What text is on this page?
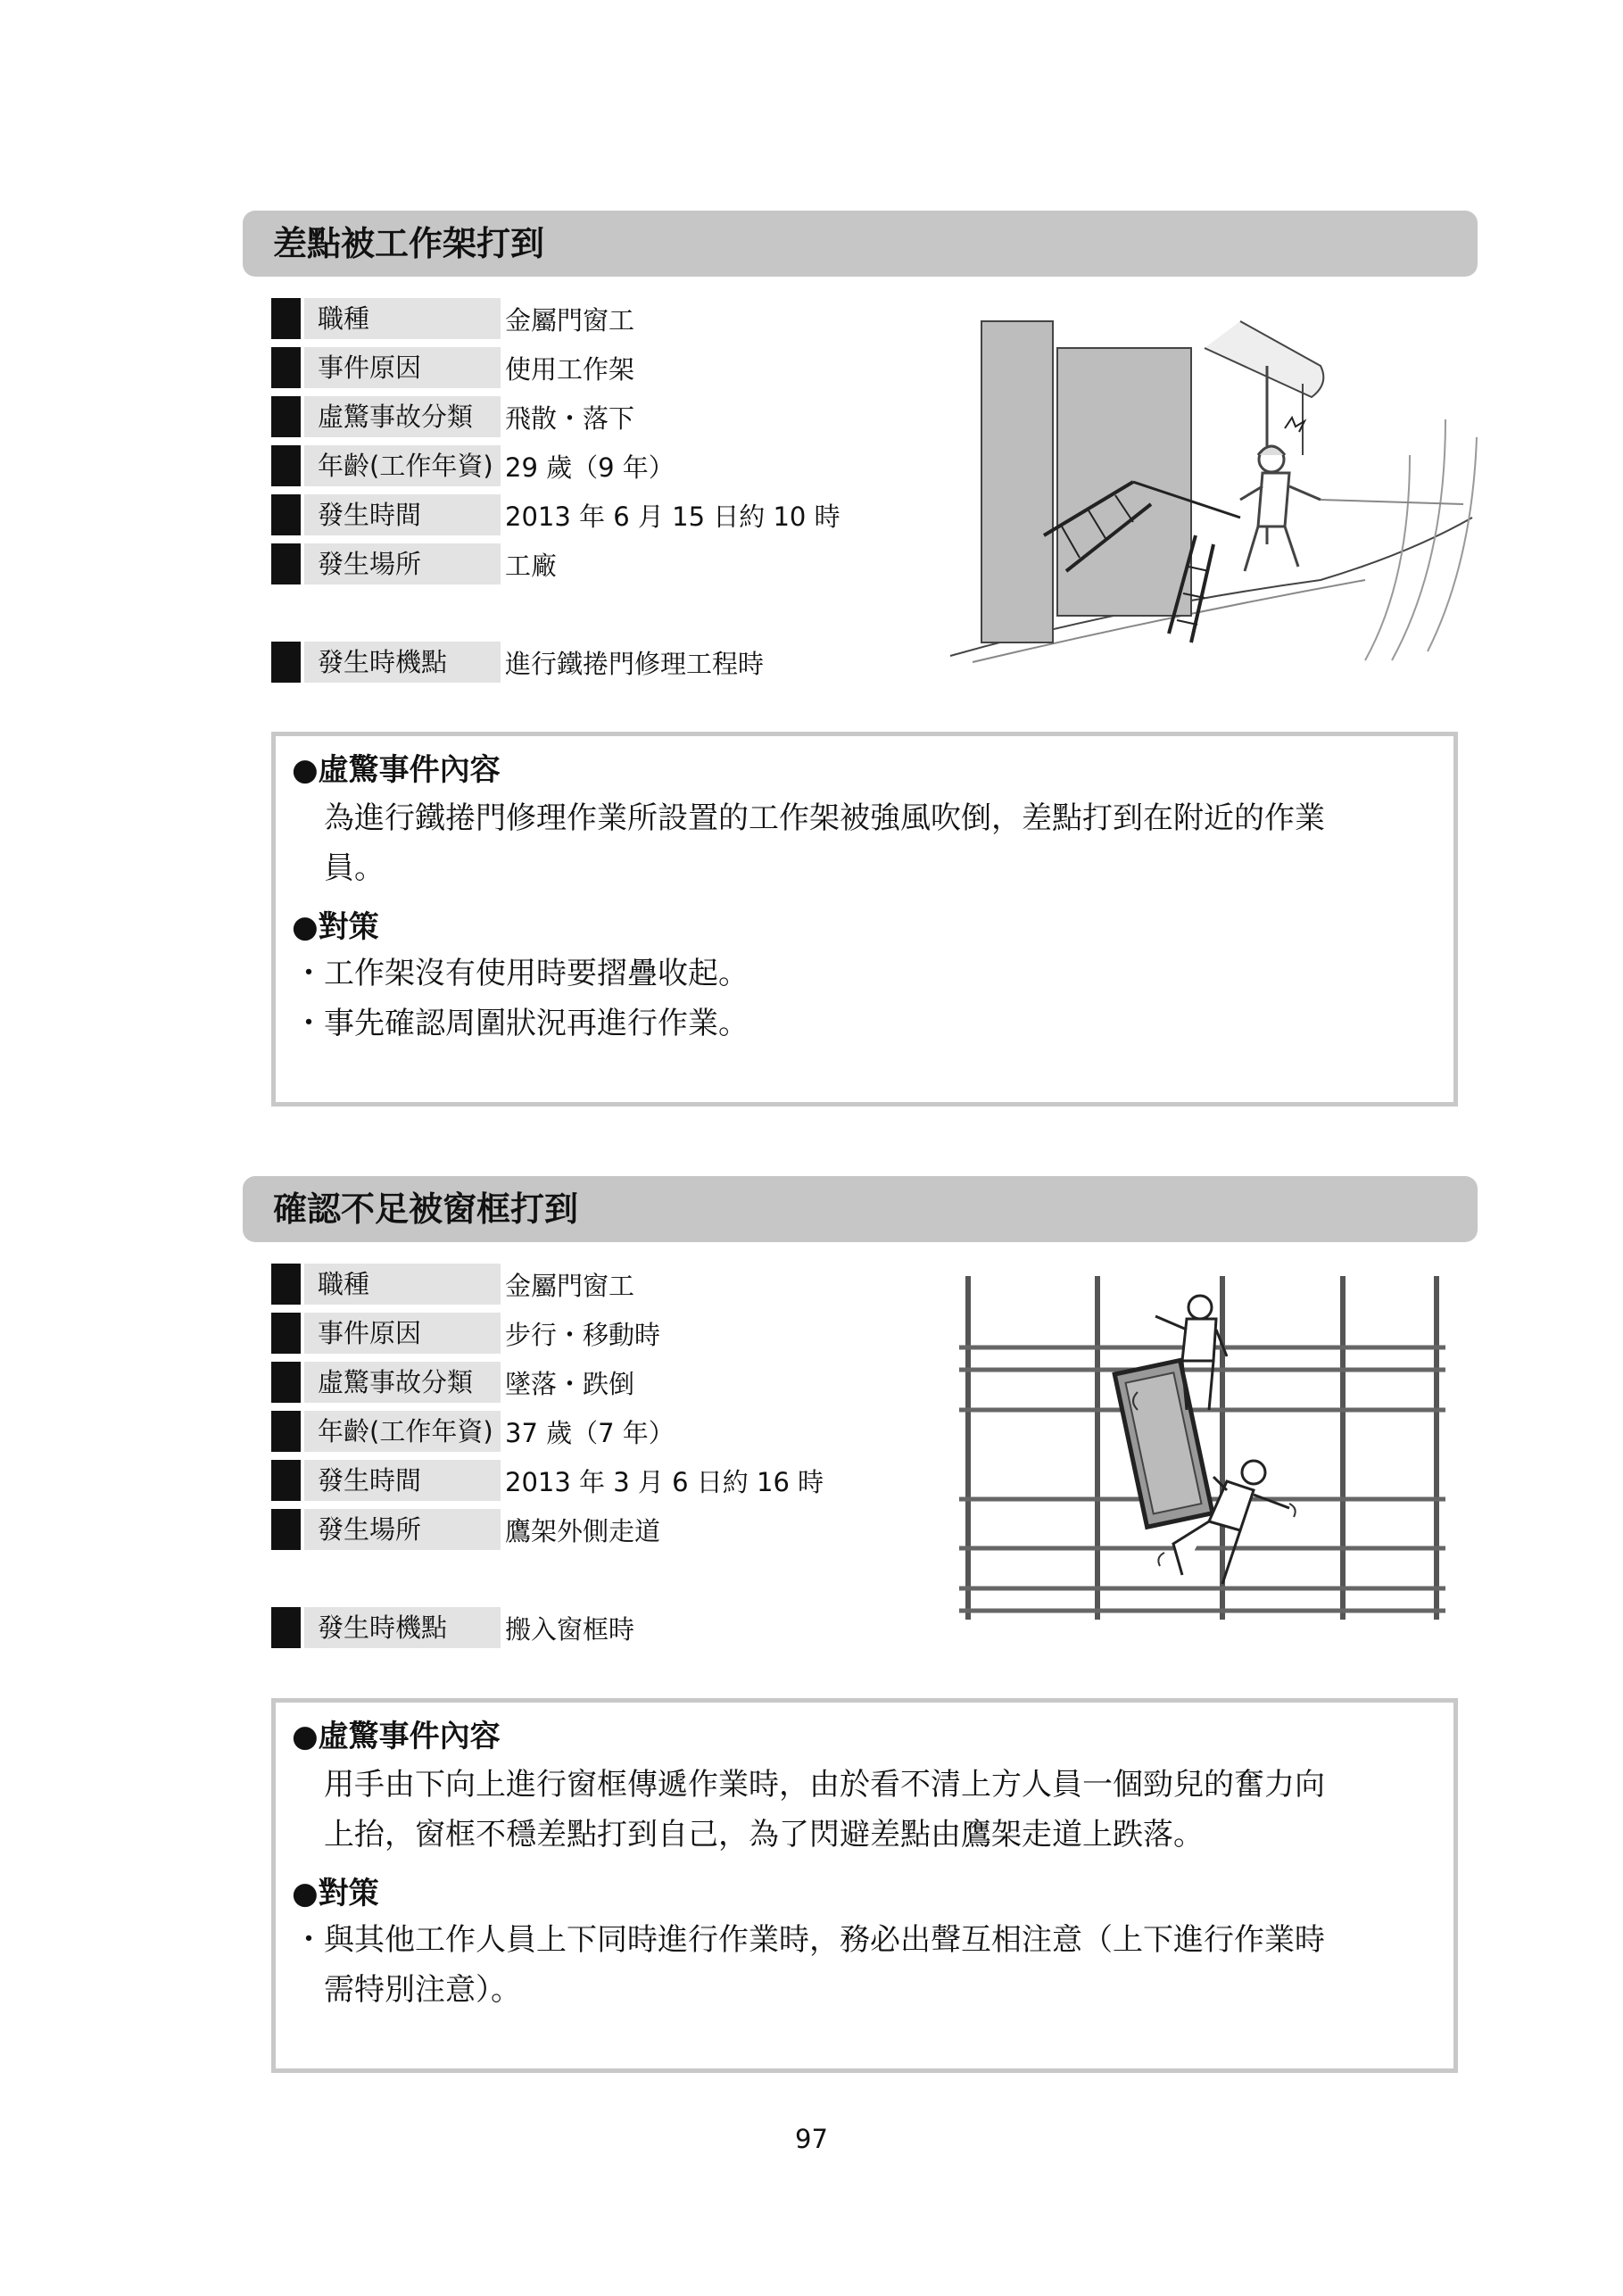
差點被工作架打到
職種	金屬門窗工
事件原因	使用工作架
虛驚事故分類	飛散・落下
年齡(工作年資) 29 歲（9 年）
發生時間	2013 年 6 月 15 日約 10 時
發生場所	工廠
發生時機點	進行鐵捲門修理工程時
●虛驚事件內容
為進行鐵捲門修理作業所設置的工作架被強風吹倒，差點打到在附近的作業
員。
●對策
・ 工作架沒有使用時要摺疊收起。
・ 事先確認周圍狀況再進行作業。
確認不足被窗框打到
職種	金屬門窗工
事件原因	步行・移動時
虛驚事故分類	墜落・跌倒
年齡(工作年資) 37 歲（7 年）
發生時間	2013 年 3 月 6 日約 16 時
發生場所	鷹架外側走道
發生時機點	搬入窗框時
●虛驚事件內容
用手由下向上進行窗框傳遞作業時，由於看不清上方人員一個勁兒的奮力向
上抬，窗框不穩差點打到自己，為了閃避差點由鷹架走道上跌落。
●對策
・ 與其他工作人員上下同時進行作業時，務必出聲互相注意（上下進行作業時
需特別注意）。
97
